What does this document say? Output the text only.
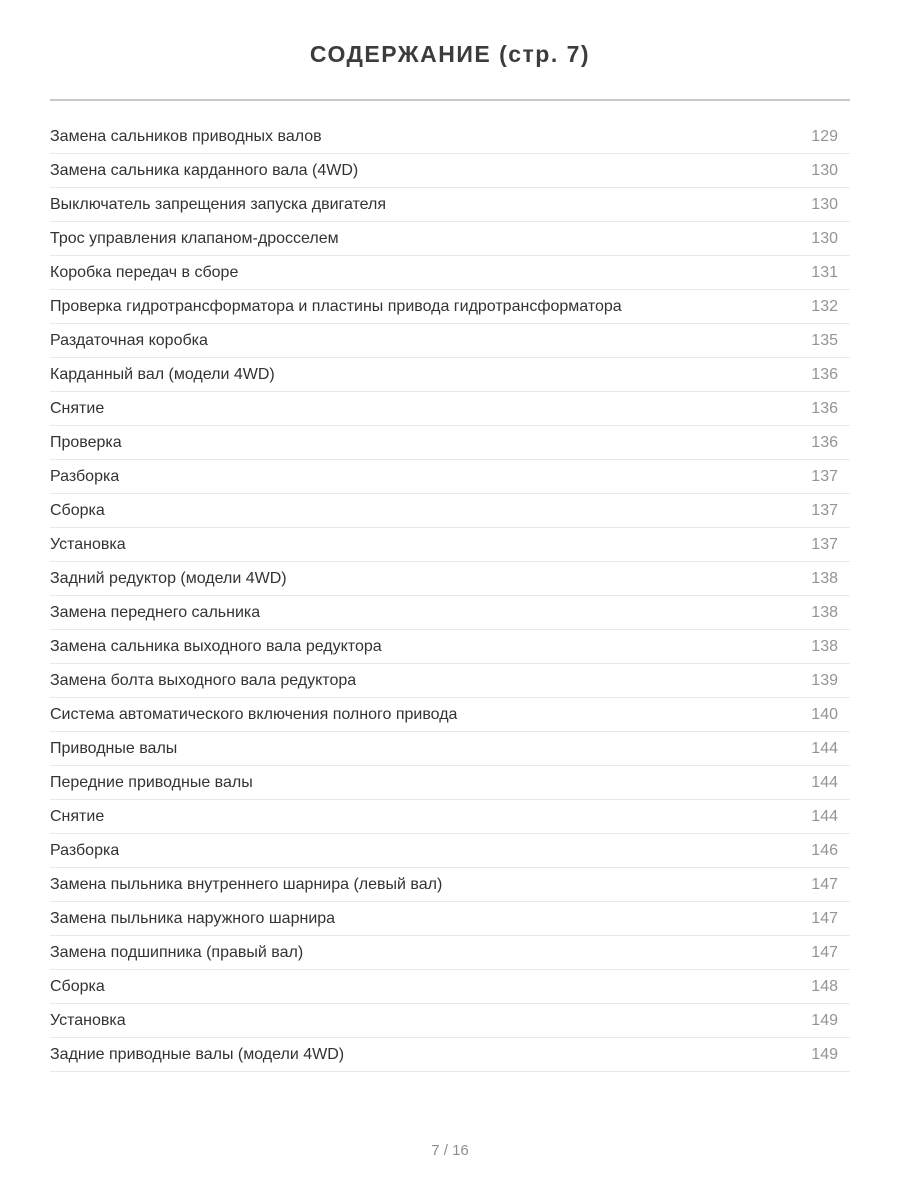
СОДЕРЖАНИЕ (стр. 7)
Замена сальников приводных валов	129
Замена сальника карданного вала (4WD)	130
Выключатель запрещения запуска двигателя	130
Трос управления клапаном-дросселем	130
Коробка передач в сборе	131
Проверка гидротрансформатора и пластины привода гидротрансформатора	132
Раздаточная коробка	135
Карданный вал (модели 4WD)	136
Снятие	136
Проверка	136
Разборка	137
Сборка	137
Установка	137
Задний редуктор (модели 4WD)	138
Замена переднего сальника	138
Замена сальника выходного вала редуктора	138
Замена болта выходного вала редуктора	139
Система автоматического включения полного привода	140
Приводные валы	144
Передние приводные валы	144
Снятие	144
Разборка	146
Замена пыльника внутреннего шарнира (левый вал)	147
Замена пыльника наружного шарнира	147
Замена подшипника (правый вал)	147
Сборка	148
Установка	149
Задние приводные валы (модели 4WD)	149
7 / 16
